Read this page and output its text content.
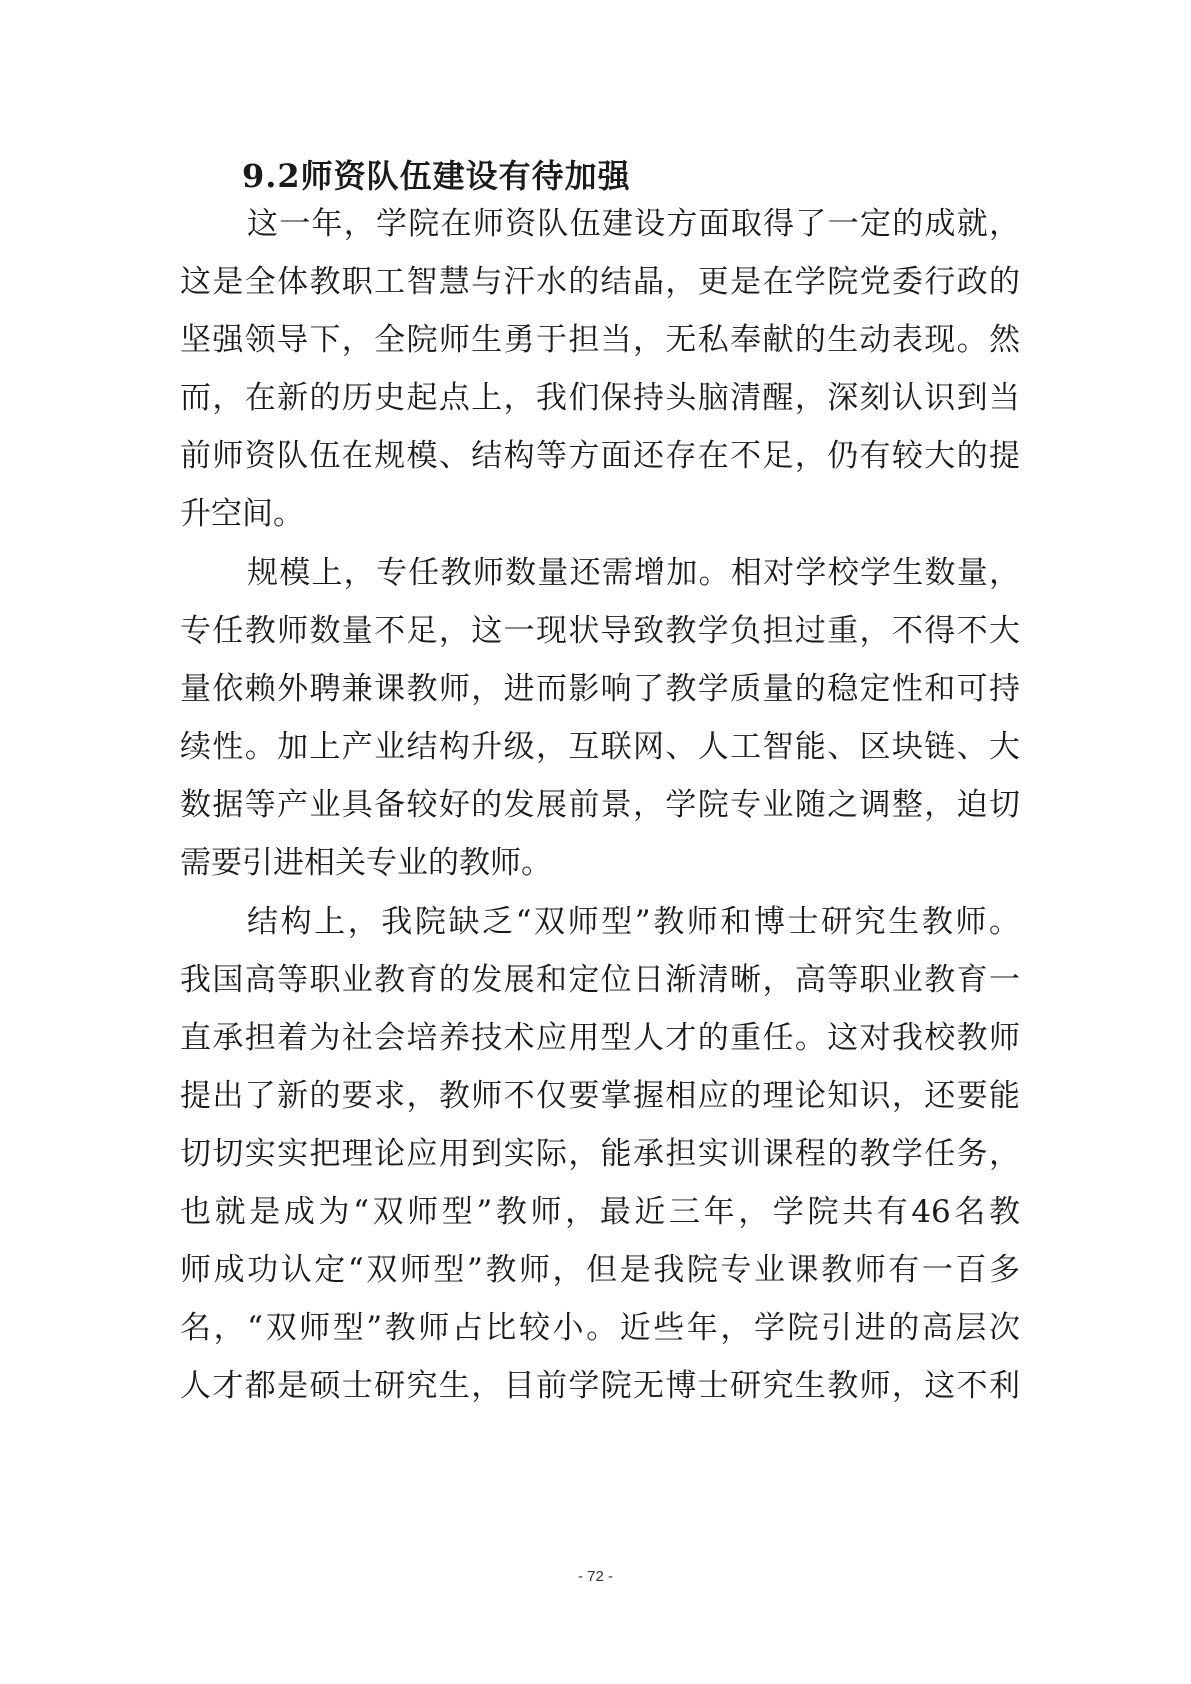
9.2师资队伍建设有待加强
这一年，学院在师资队伍建设方面取得了一定的成就，
这是全体教职工智慧与汗水的结晶，更是在学院党委行政的
坚强领导下，全院师生勇于担当，无私奉献的生动表现。然
而，在新的历史起点上，我们保持头脑清醒，深刻认识到当
前师资队伍在规模、结构等方面还存在不足，仍有较大的提
升空间。
规模上，专任教师数量还需增加。相对学校学生数量，
专任教师数量不足，这一现状导致教学负担过重，不得不大
量依赖外聘兼课教师，进而影响了教学质量的稳定性和可持
续性。加上产业结构升级，互联网、人工智能、区块链、大
数据等产业具备较好的发展前景，学院专业随之调整，迫切
需要引进相关专业的教师。
结构上，我院缺乏“双师型”教师和博士研究生教师。
我国高等职业教育的发展和定位日渐清晰，高等职业教育一
直承担着为社会培养技术应用型人才的重任。这对我校教师
提出了新的要求，教师不仅要掌握相应的理论知识，还要能
切切实实把理论应用到实际，能承担实训课程的教学任务，
也就是成为“双师型”教师，最近三年，学院共有46名教
师成功认定“双师型”教师，但是我院专业课教师有一百多
名，“双师型”教师占比较小。近些年，学院引进的高层次
人才都是硕士研究生，目前学院无博士研究生教师，这不利
- 72 -
